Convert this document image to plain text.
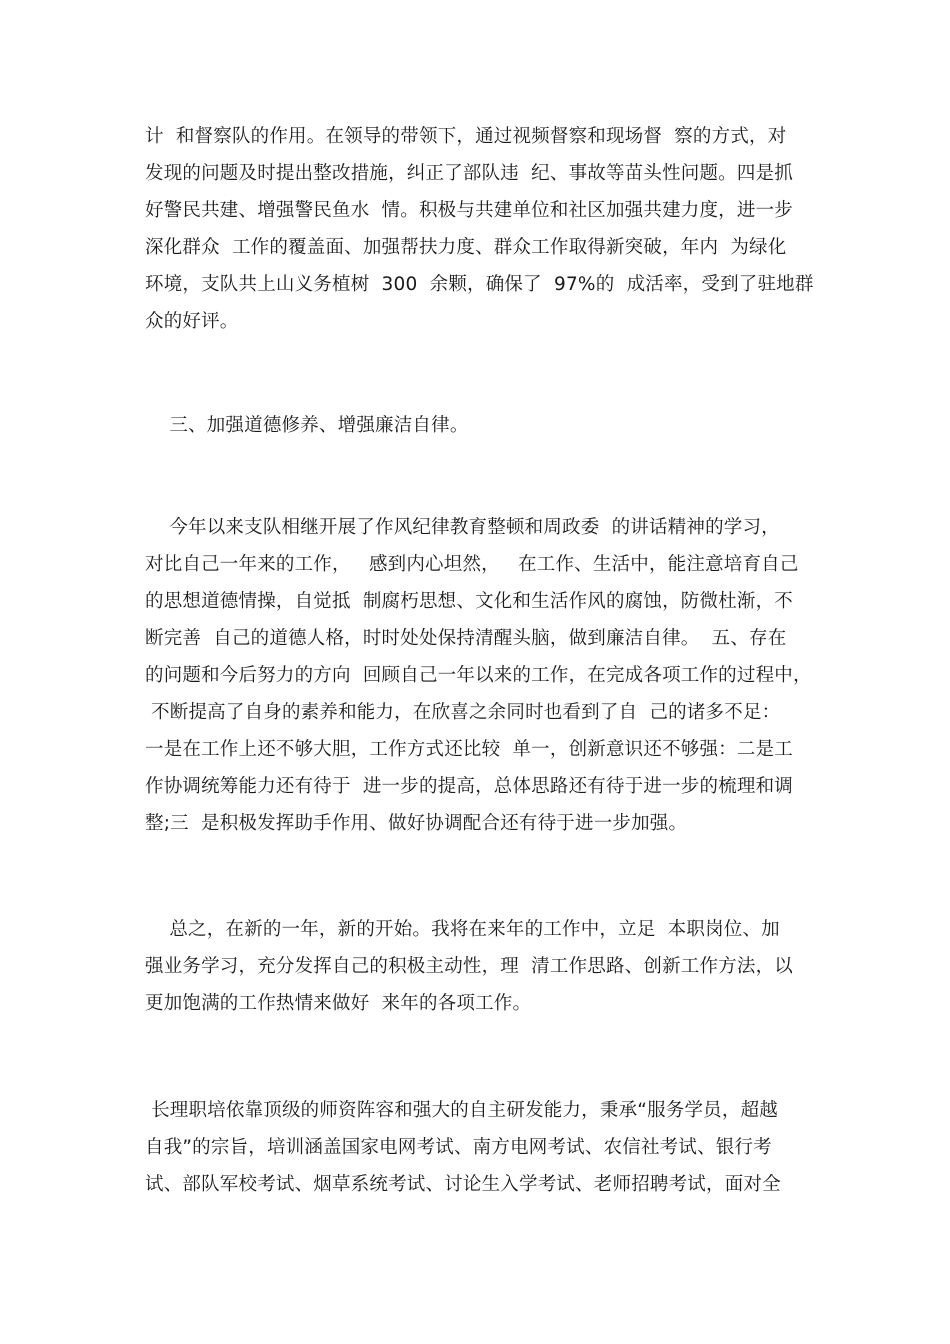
计  和督察队的作用。在领导的带领下，通过视频督察和现场督  察的方式，对
发现的问题及时提出整改措施，纠正了部队违  纪、事故等苗头性问题。四是抓
好警民共建、增强警民鱼水  情。积极与共建单位和社区加强共建力度，进一步
深化群众  工作的覆盖面、加强帮扶力度、群众工作取得新突破，年内  为绿化
环境，支队共上山义务植树  300  余颗，确保了  97%的  成活率，受到了驻地群
众的好评。
三、加强道德修养、增强廉洁自律。
今年以来支队相继开展了作风纪律教育整顿和周政委  的讲话精神的学习，
对比自己一年来的工作，   感到内心坦然，   在工作、生活中，能注意培育自己
的思想道德情操，自觉抵  制腐朽思想、文化和生活作风的腐蚀，防微杜渐，不
断完善  自己的道德人格，时时处处保持清醒头脑，做到廉洁自律。  五、存在
的问题和今后努力的方向  回顾自己一年以来的工作，在完成各项工作的过程中，
不断提高了自身的素养和能力，在欣喜之余同时也看到了自  己的诸多不足：
一是在工作上还不够大胆，工作方式还比较  单一，创新意识还不够强：二是工
作协调统筹能力还有待于  进一步的提高，总体思路还有待于进一步的梳理和调
整;三  是积极发挥助手作用、做好协调配合还有待于进一步加强。
总之，在新的一年，新的开始。我将在来年的工作中，立足  本职岗位、加
强业务学习，充分发挥自己的积极主动性，理  清工作思路、创新工作方法，以
更加饱满的工作热情来做好  来年的各项工作。
长理职培依靠顶级的师资阵容和强大的自主研发能力，秉承“服务学员，超越
自我”的宗旨，培训涵盖国家电网考试、南方电网考试、农信社考试、银行考
试、部队军校考试、烟草系统考试、讨论生入学考试、老师招聘考试，面对全
